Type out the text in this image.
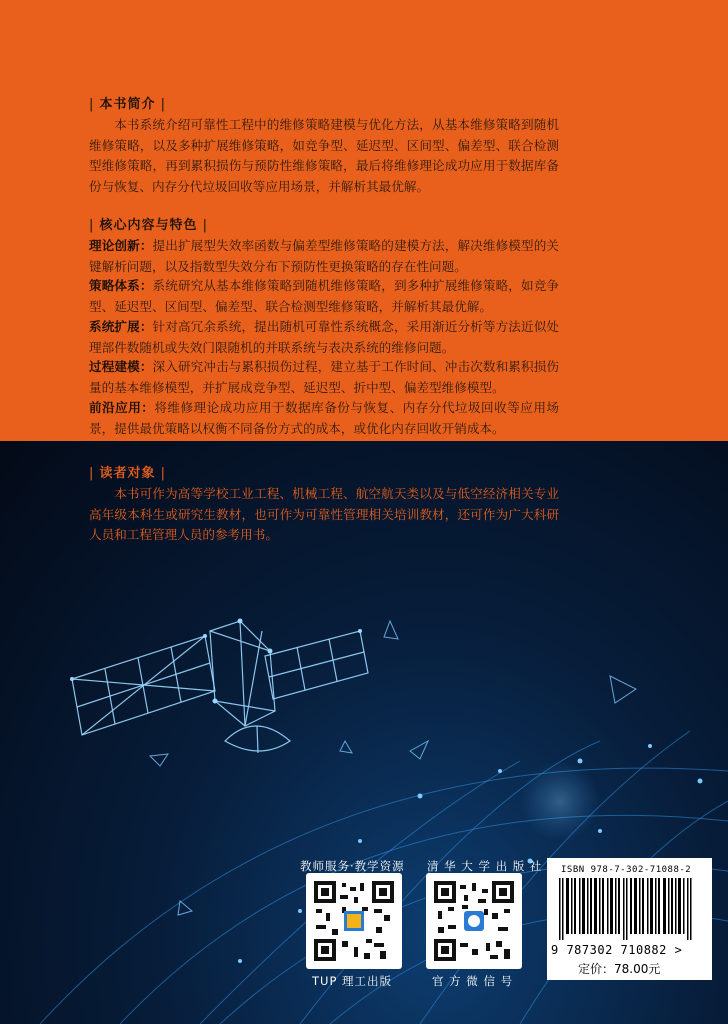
| 本书简介 |
本书系统介绍可靠性工程中的维修策略建模与优化方法，从基本维修策略到随机维修策略，以及多种扩展维修策略，如竞争型、延迟型、区间型、偏差型、联合检测型维修策略，再到累积损伤与预防性维修策略，最后将维修理论成功应用于数据库备份与恢复、内存分代垃圾回收等应用场景，并解析其最优解。
| 核心内容与特色 |
理论创新：提出扩展型失效率函数与偏差型维修策略的建模方法，解决维修模型的关键解析问题，以及指数型失效分布下预防性更换策略的存在性问题。
策略体系：系统研究从基本维修策略到随机维修策略，到多种扩展维修策略，如竞争型、延迟型、区间型、偏差型、联合检测型维修策略，并解析其最优解。
系统扩展：针对高冗余系统，提出随机可靠性系统概念，采用渐近分析等方法近似处理部件数随机或失效门限随机的并联系统与表决系统的维修问题。
过程建模：深入研究冲击与累积损伤过程，建立基于工作时间、冲击次数和累积损伤量的基本维修模型，并扩展成竞争型、延迟型、折中型、偏差型维修模型。
前沿应用：将维修理论成功应用于数据库备份与恢复、内存分代垃圾回收等应用场景，提供最优策略以权衡不同备份方式的成本，或优化内存回收开销成本。
| 读者对象 |
本书可作为高等学校工业工程、机械工程、航空航天类以及与低空经济相关专业高年级本科生或研究生教材，也可作为可靠性管理相关培训教材，还可作为广大科研人员和工程管理人员的参考用书。
教师服务·教学资源 清 华 大 学 出 版 社
TUP 理工出版	官 方 微 信 号
ISBN 978-7-302-71088-2
9 787302 710882 >
定价：78.00元
